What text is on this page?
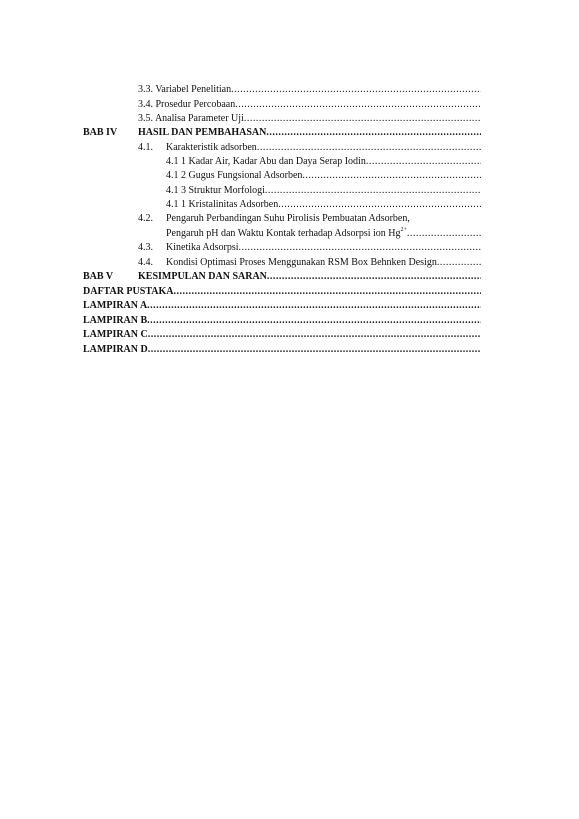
3.3. Variabel Penelitian
.....
3.4. Prosedur Percobaan
.....
3.5. Analisa Parameter Uji
.....
BAB IV HASIL DAN PEMBAHASAN
.....
4.1. Karakteristik adsorben
.....
4.1 1 Kadar Air, Kadar Abu dan Daya Serap Iodin
.....
4.1 2 Gugus Fungsional Adsorben
.....
4.1 3 Struktur Morfologi
.....
4.1 1 Kristalinitas Adsorben
.....
4.2. Pengaruh Perbandingan Suhu Pirolisis Pembuatan Adsorben,
Pengaruh pH dan Waktu Kontak terhadap Adsorpsi ion $Hg^{2+}$
.....
4.3. Kinetika Adsorpsi
.....
4.4. Kondisi Optimasi Proses Menggunakan RSM Box Behnken Design
.....
BAB V KESIMPULAN DAN SARAN
.....
DAFTAR PUSTAKA
.....
LAMPIRAN A
.....
LAMPIRAN B
.....
LAMPIRAN C
.....
LAMPIRAN D
.....
